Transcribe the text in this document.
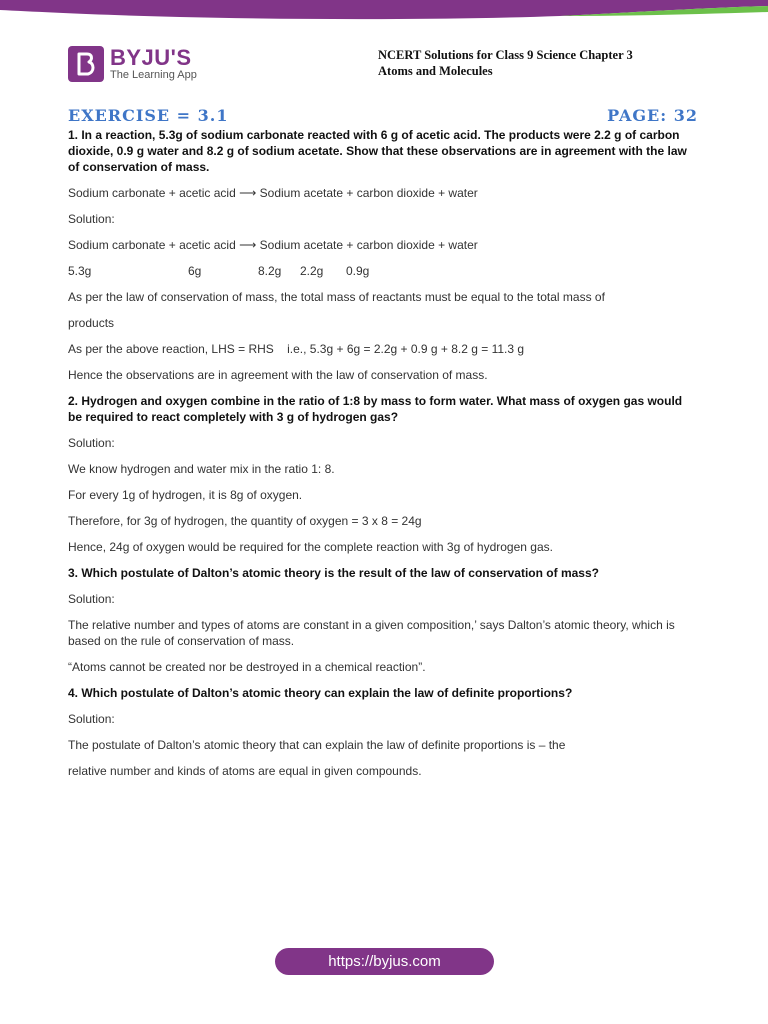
BYJU'S
The Learning App
NCERT Solutions for Class 9 Science Chapter 3
Atoms and Molecules
EXERCISE = 3.1	PAGE: 32
1. In a reaction, 5.3g of sodium carbonate reacted with 6 g of acetic acid. The products were 2.2 g of carbon dioxide, 0.9 g water and 8.2 g of sodium acetate. Show that these observations are in agreement with the law of conservation of mass.
Sodium carbonate + acetic acid ⟶ Sodium acetate + carbon dioxide + water
Solution:
Sodium carbonate + acetic acid ⟶ Sodium acetate + carbon dioxide + water
5.3g	6g	8.2g	2.2g	0.9g
As per the law of conservation of mass, the total mass of reactants must be equal to the total mass of
products
As per the above reaction, LHS = RHS    i.e., 5.3g + 6g = 2.2g + 0.9 g + 8.2 g = 11.3 g
Hence the observations are in agreement with the law of conservation of mass.
2. Hydrogen and oxygen combine in the ratio of 1:8 by mass to form water. What mass of oxygen gas would be required to react completely with 3 g of hydrogen gas?
Solution:
We know hydrogen and water mix in the ratio 1: 8.
For every 1g of hydrogen, it is 8g of oxygen.
Therefore, for 3g of hydrogen, the quantity of oxygen = 3 x 8 = 24g
Hence, 24g of oxygen would be required for the complete reaction with 3g of hydrogen gas.
3. Which postulate of Dalton’s atomic theory is the result of the law of conservation of mass?
Solution:
The relative number and types of atoms are constant in a given composition,’ says Dalton’s atomic theory, which is based on the rule of conservation of mass.
“Atoms cannot be created nor be destroyed in a chemical reaction”.
4. Which postulate of Dalton’s atomic theory can explain the law of definite proportions?
Solution:
The postulate of Dalton’s atomic theory that can explain the law of definite proportions is – the
relative number and kinds of atoms are equal in given compounds.
https://byjus.com
